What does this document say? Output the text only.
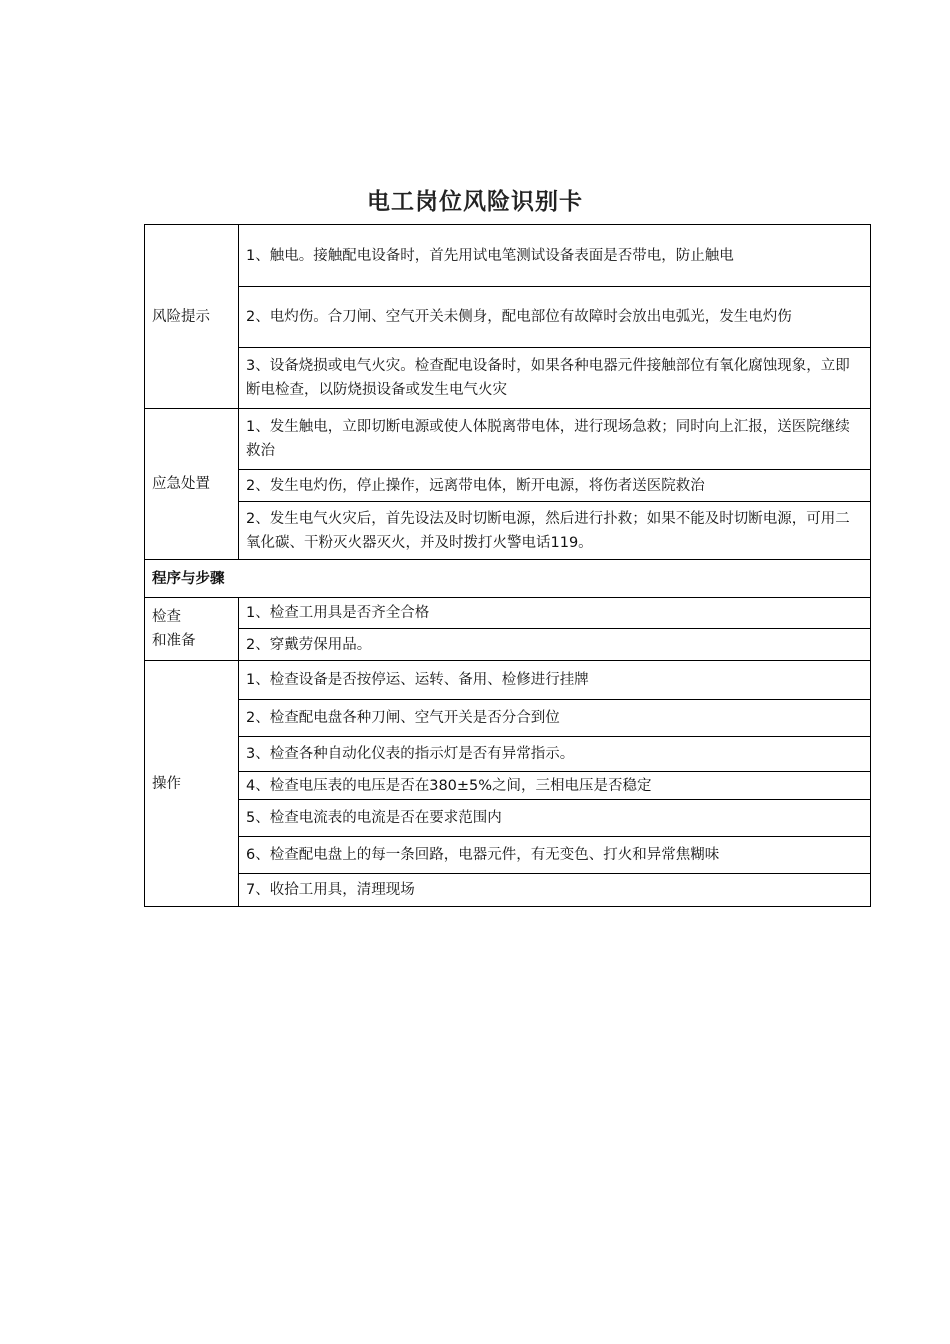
电工岗位风险识别卡
风险提示	1、触电。接触配电设备时，首先用试电笔测试设备表面是否带电，防止触电
	2、电灼伤。合刀闸、空气开关未侧身，配电部位有故障时会放出电弧光，发生电灼伤
	3、设备烧损或电气火灾。检查配电设备时，如果各种电器元件接触部位有氧化腐蚀现象，立即断电检查，以防烧损设备或发生电气火灾
应急处置	1、发生触电，立即切断电源或使人体脱离带电体，进行现场急救；同时向上汇报，送医院继续救治
	2、发生电灼伤，停止操作，远离带电体，断开电源，将伤者送医院救治
	2、发生电气火灾后，首先设法及时切断电源，然后进行扑救；如果不能及时切断电源，可用二氧化碳、干粉灭火器灭火，并及时拨打火警电话119。
程序与步骤	
检查
和准备	1、检查工用具是否齐全合格
	2、穿戴劳保用品。
操作	1、检查设备是否按停运、运转、备用、检修进行挂牌
	2、检查配电盘各种刀闸、空气开关是否分合到位
	3、检查各种自动化仪表的指示灯是否有异常指示。
	4、检查电压表的电压是否在380±5%之间，三相电压是否稳定
	5、检查电流表的电流是否在要求范围内
	6、检查配电盘上的每一条回路，电器元件，有无变色、打火和异常焦糊味
	7、收拾工用具，清理现场
